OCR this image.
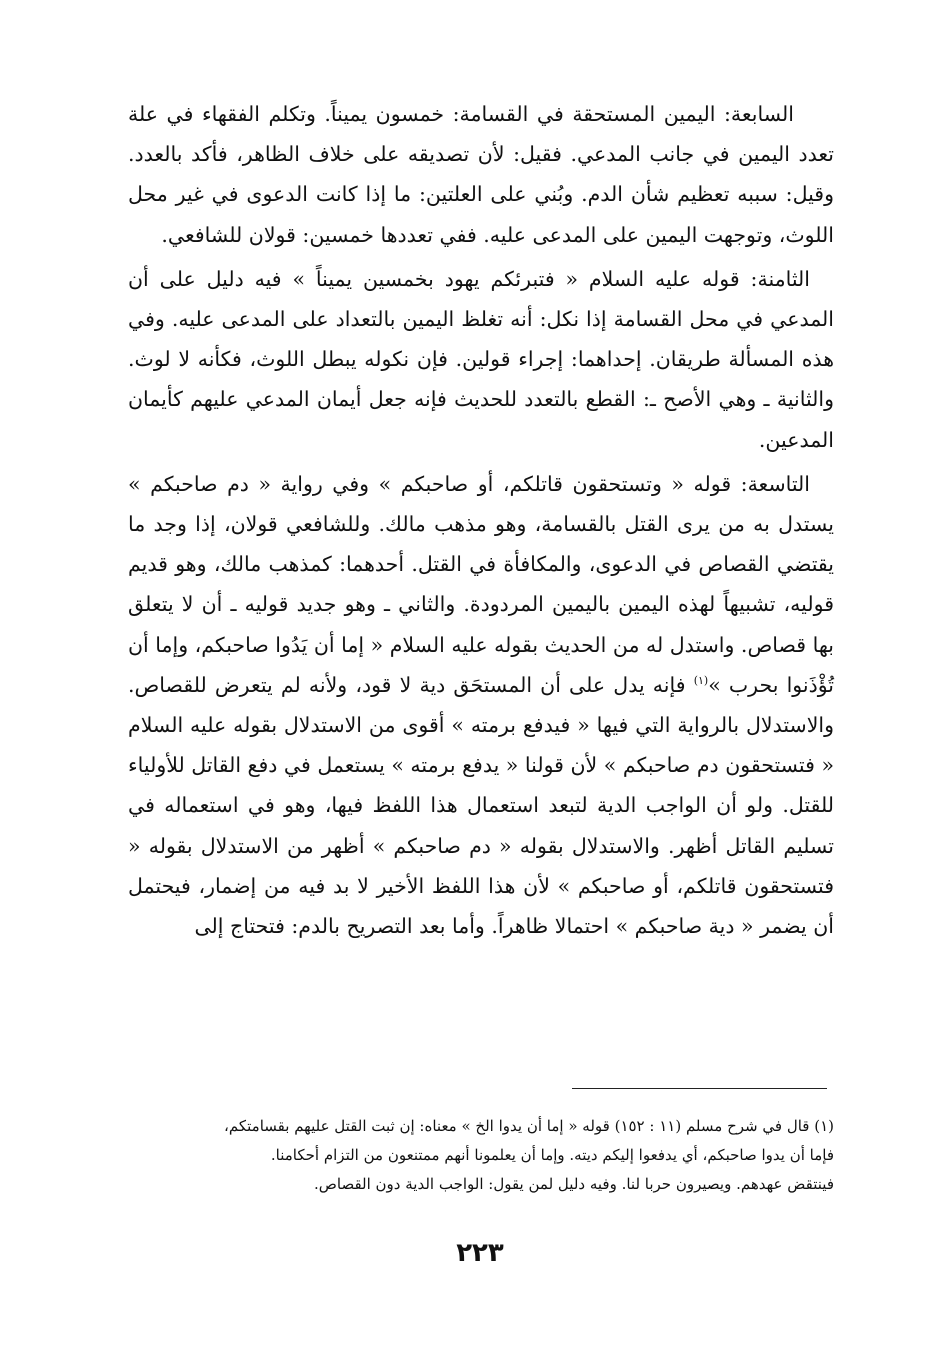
السابعة: اليمين المستحقة في القسامة: خمسون يميناً. وتكلم الفقهاء في علة تعدد اليمين في جانب المدعي. فقيل: لأن تصديقه على خلاف الظاهر، فأكد بالعدد. وقيل: سببه تعظيم شأن الدم. وبُني على العلتين: ما إذا كانت الدعوى في غير محل اللوث، وتوجهت اليمين على المدعى عليه. ففي تعددها خمسين: قولان للشافعي.

الثامنة: قوله عليه السلام « فتبرئكم يهود بخمسين يميناً » فيه دليل على أن المدعي في محل القسامة إذا نكل: أنه تغلظ اليمين بالتعداد على المدعى عليه. وفي هذه المسألة طريقان. إحداهما: إجراء قولين. فإن نكوله يبطل اللوث، فكأنه لا لوث. والثانية ـ وهي الأصح ـ: القطع بالتعدد للحديث فإنه جعل أيمان المدعي عليهم كأيمان المدعين.

التاسعة: قوله « وتستحقون قاتلكم، أو صاحبكم » وفي رواية « دم صاحبكم » يستدل به من يرى القتل بالقسامة، وهو مذهب مالك. وللشافعي قولان، إذا وجد ما يقتضي القصاص في الدعوى، والمكافأة في القتل. أحدهما: كمذهب مالك، وهو قديم قوليه، تشبيهاً لهذه اليمين باليمين المردودة. والثاني ـ وهو جديد قوليه ـ أن لا يتعلق بها قصاص. واستدل له من الحديث بقوله عليه السلام « إما أن يَدُوا صاحبكم، وإما أن تُؤْذَنوا بحرب »$^{(١)}$ فإنه يدل على أن المستحَق دية لا قود، ولأنه لم يتعرض للقصاص. والاستدلال بالرواية التي فيها « فيدفع برمته » أقوى من الاستدلال بقوله عليه السلام « فتستحقون دم صاحبكم » لأن قولنا « يدفع برمته » يستعمل في دفع القاتل للأولياء للقتل. ولو أن الواجب الدية لتبعد استعمال هذا اللفظ فيها، وهو في استعماله في تسليم القاتل أظهر. والاستدلال بقوله « دم صاحبكم » أظهر من الاستدلال بقوله « فتستحقون قاتلكم، أو صاحبكم » لأن هذا اللفظ الأخير لا بد فيه من إضمار، فيحتمل أن يضمر « دية صاحبكم » احتمالا ظاهراً. وأما بعد التصريح بالدم: فتحتاج إلى

(١) قال في شرح مسلم (١١ : ١٥٢) قوله « إما أن يدوا الخ » معناه: إن ثبت القتل عليهم بقسامتكم،

فإما أن يدوا صاحبكم، أي يدفعوا إليكم ديته. وإما أن يعلمونا أنهم ممتنعون من التزام أحكامنا.

فينتقض عهدهم. ويصيرون حربا لنا. وفيه دليل لمن يقول: الواجب الدية دون القصاص.

٢٢٣
